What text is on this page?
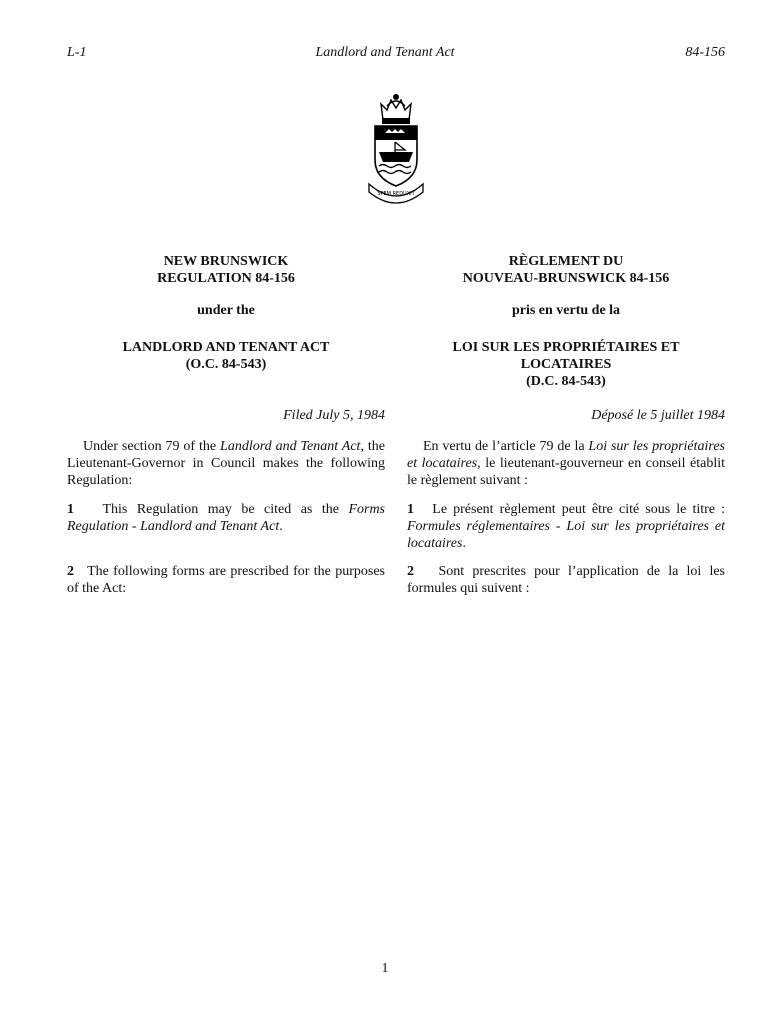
L-1	Landlord and Tenant Act	84-156
SPEM REDUXIT
NEW BRUNSWICK
REGULATION 84-156
under the
LANDLORD AND TENANT ACT
(O.C. 84-543)
Filed July 5, 1984
Under section 79 of the Landlord and Tenant Act, the Lieutenant-Governor in Council makes the following Regulation:
1 This Regulation may be cited as the Forms Regulation - Landlord and Tenant Act.
2 The following forms are prescribed for the purposes of the Act:
RÈGLEMENT DU
NOUVEAU-BRUNSWICK 84-156
pris en vertu de la
LOI SUR LES PROPRIÉTAIRES ET
LOCATAIRES
(D.C. 84-543)
Déposé le 5 juillet 1984
En vertu de l’article 79 de la Loi sur les propriétaires et locataires, le lieutenant-gouverneur en conseil établit le règlement suivant :
1 Le présent règlement peut être cité sous le titre : Formules réglementaires - Loi sur les propriétaires et locataires.
2 Sont prescrites pour l’application de la loi les formules qui suivent :
1
